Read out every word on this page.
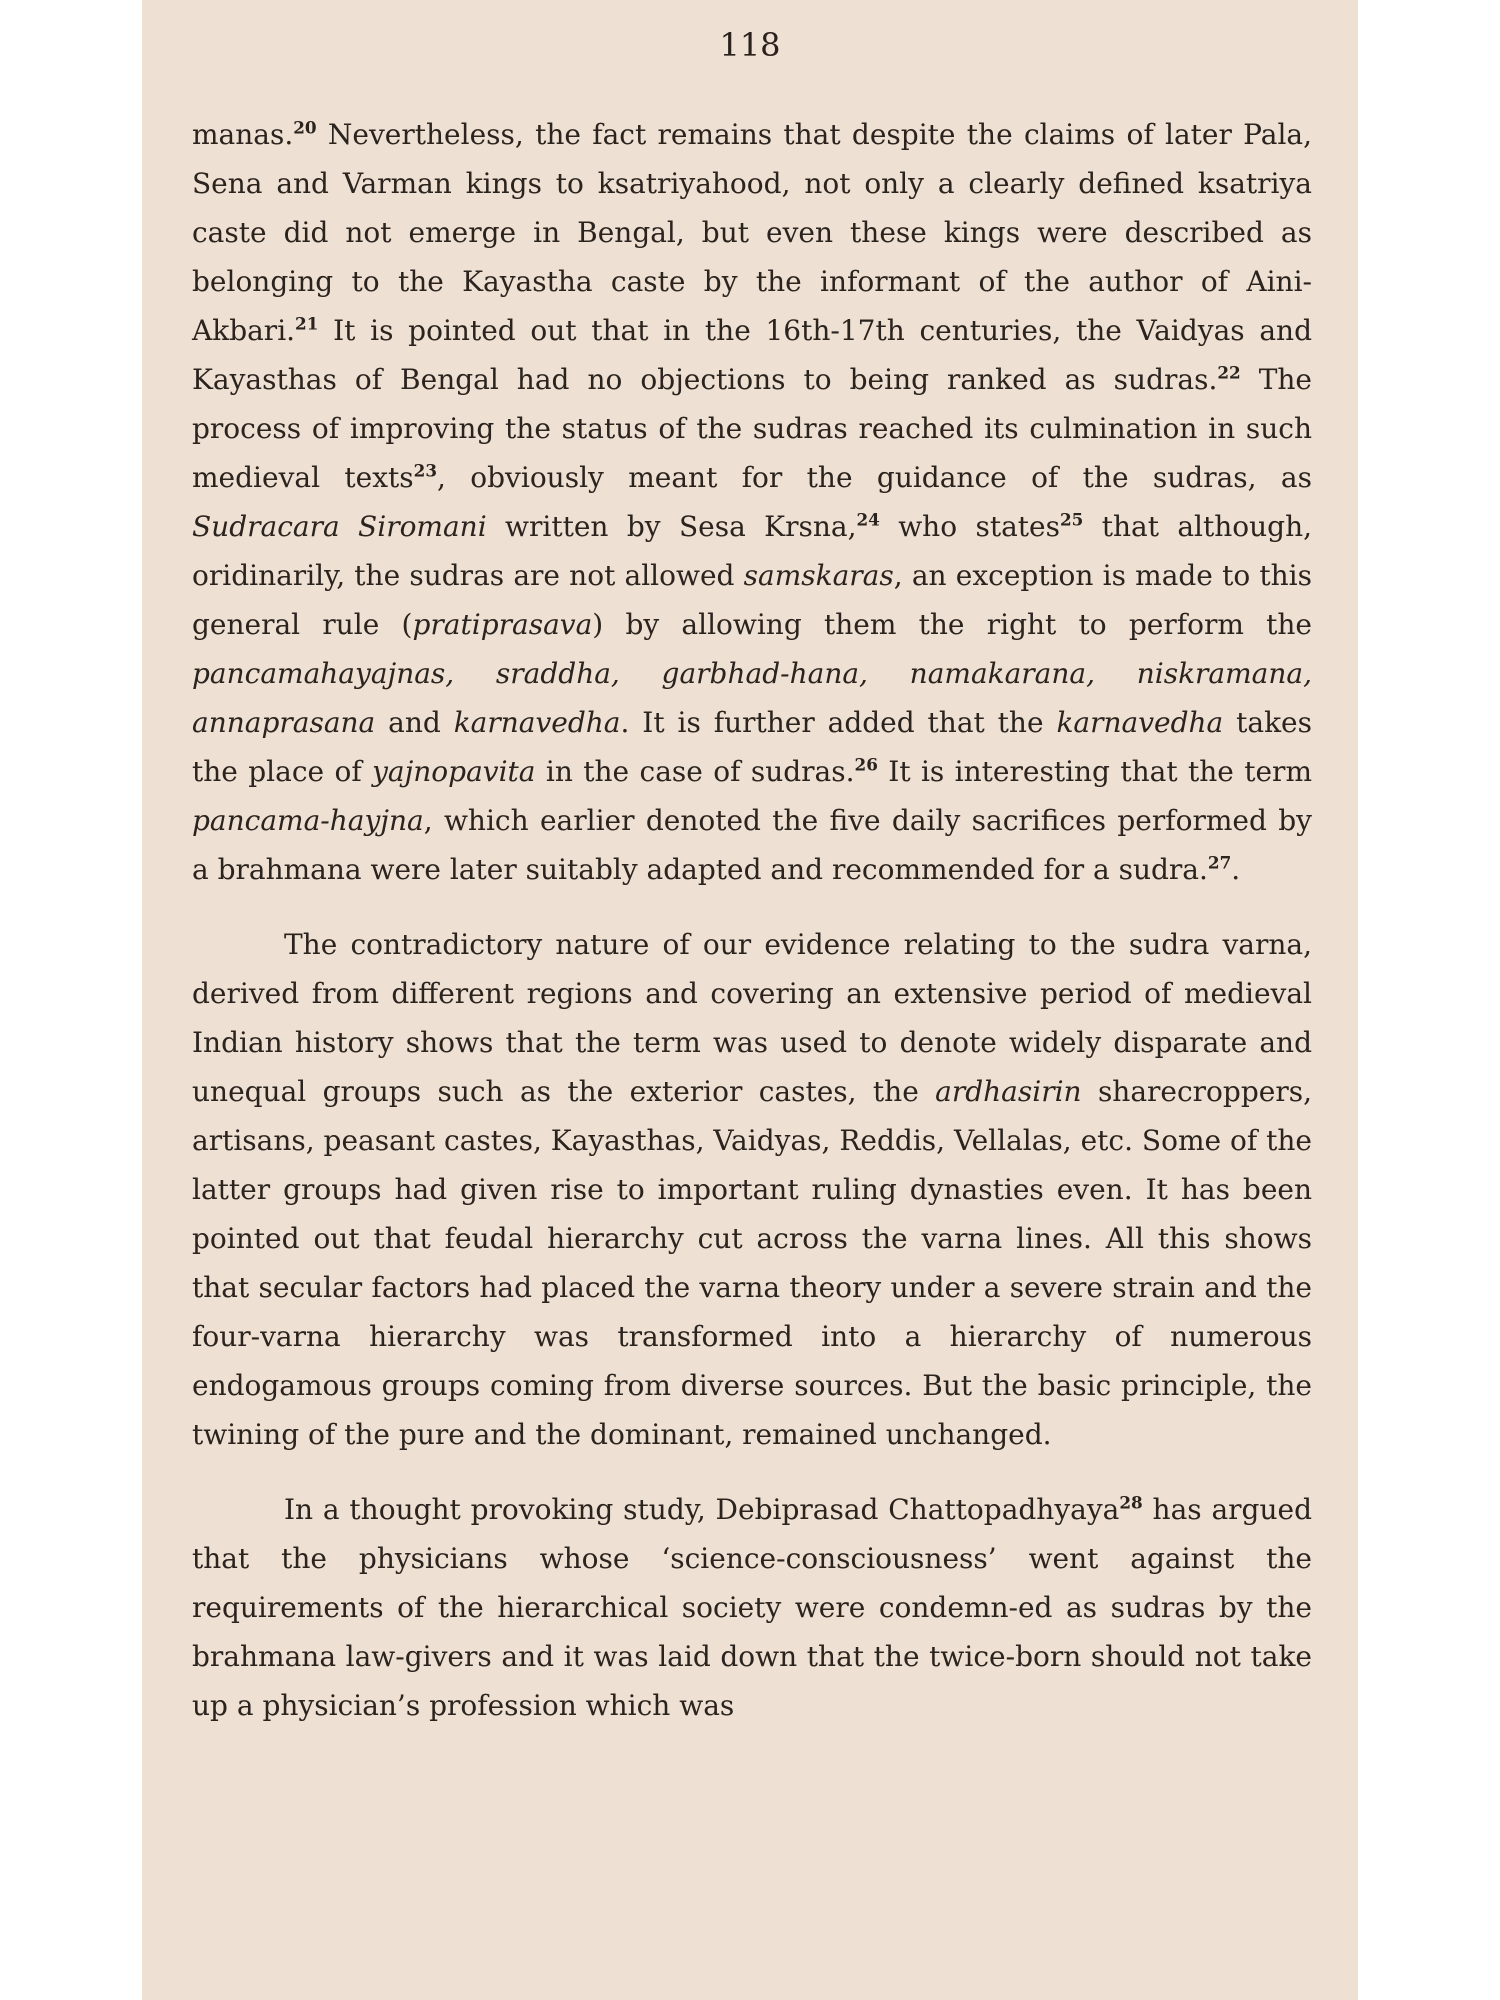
118

manas.$^{20}$ Nevertheless, the fact remains that despite the claims of later Pala, Sena and Varman kings to ksatriyahood, not only a clearly defined ksatriya caste did not emerge in Bengal, but even these kings were described as belonging to the Kayastha caste by the informant of the author of Aini-Akbari.$^{21}$ It is pointed out that in the 16th-17th centuries, the Vaidyas and Kayasthas of Bengal had no objections to being ranked as sudras.$^{22}$ The process of improving the status of the sudras reached its culmination in such medieval texts$^{23}$, obviously meant for the guidance of the sudras, as Sudracara Siromani written by Sesa Krsna,$^{24}$ who states$^{25}$ that although, oridinarily, the sudras are not allowed samskaras, an exception is made to this general rule (pratiprasava) by allowing them the right to perform the pancamahayajnas, sraddha, garbhad-hana, namakarana, niskramana, annaprasana and karnavedha. It is further added that the karnavedha takes the place of yajnopavita in the case of sudras.$^{26}$ It is interesting that the term pancama-hayjna, which earlier denoted the five daily sacrifices performed by a brahmana were later suitably adapted and recommended for a sudra.$^{27}$.

The contradictory nature of our evidence relating to the sudra varna, derived from different regions and covering an extensive period of medieval Indian history shows that the term was used to denote widely disparate and unequal groups such as the exterior castes, the ardhasirin sharecroppers, artisans, peasant castes, Kayasthas, Vaidyas, Reddis, Vellalas, etc. Some of the latter groups had given rise to important ruling dynasties even. It has been pointed out that feudal hierarchy cut across the varna lines. All this shows that secular factors had placed the varna theory under a severe strain and the four-varna hierarchy was transformed into a hierarchy of numerous endogamous groups coming from diverse sources. But the basic principle, the twining of the pure and the dominant, remained unchanged.

In a thought provoking study, Debiprasad Chattopadhyaya$^{28}$ has argued that the physicians whose ‘science-consciousness’ went against the requirements of the hierarchical society were condemn-ed as sudras by the brahmana law-givers and it was laid down that the twice-born should not take up a physician’s profession which was
